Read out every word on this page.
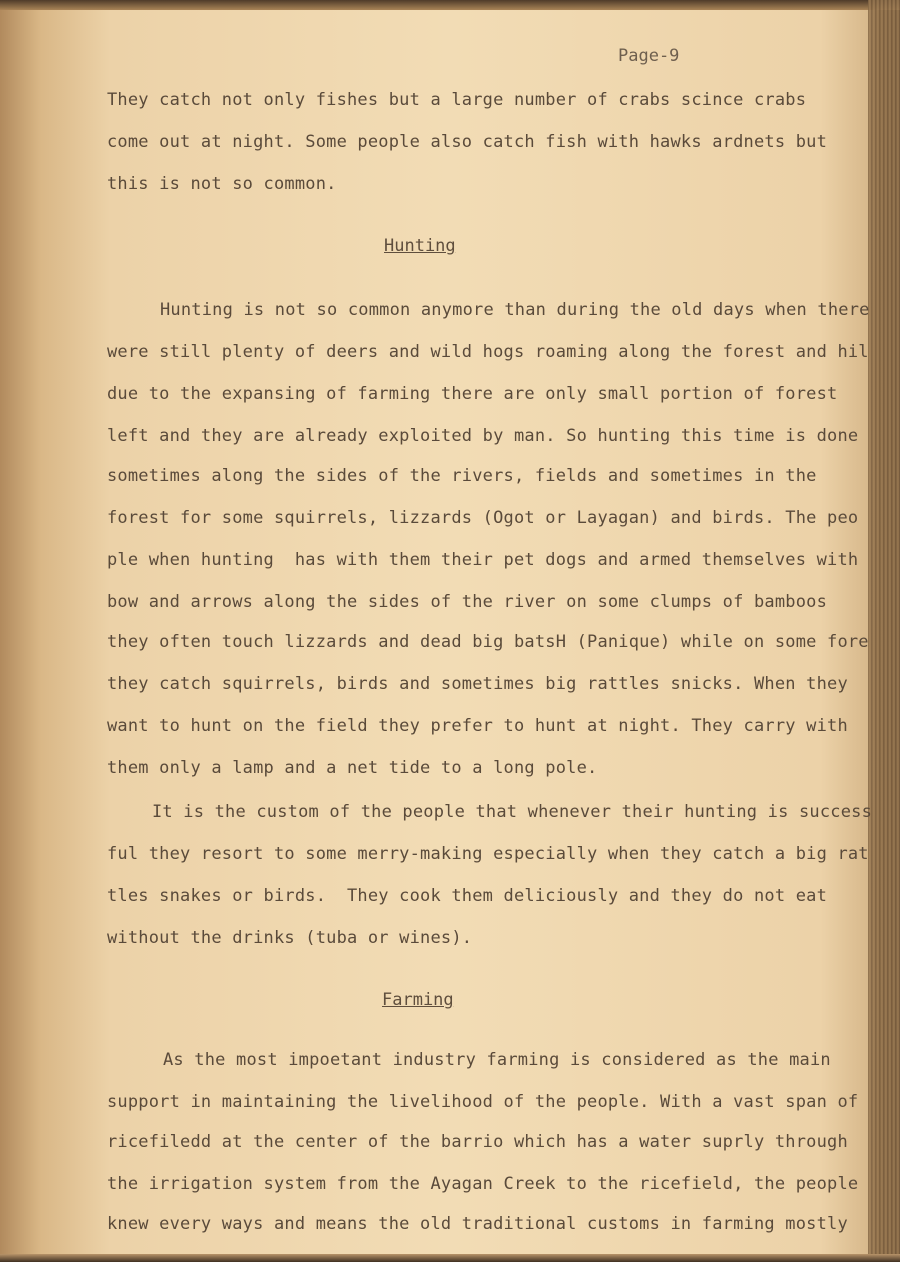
Page-9
They catch not only fishes but a large number of crabs scince crabs
come out at night. Some people also catch fish with hawks ardnets but
this is not so common.
Hunting
Hunting is not so common anymore than during the old days when there
were still plenty of deers and wild hogs roaming along the forest and hil
due to the expansing of farming there are only small portion of forest
left and they are already exploited by man. So hunting this time is done
sometimes along the sides of the rivers, fields and sometimes in the
forest for some squirrels, lizzards (Ogot or Layagan) and birds. The peo
ple when hunting  has with them their pet dogs and armed themselves with
bow and arrows along the sides of the river on some clumps of bamboos
they often touch lizzards and dead big batsH (Panique) while on some fore
they catch squirrels, birds and sometimes big rattles snicks. When they
want to hunt on the field they prefer to hunt at night. They carry with
them only a lamp and a net tide to a long pole.
It is the custom of the people that whenever their hunting is success
ful they resort to some merry-making especially when they catch a big rat
tles snakes or birds.  They cook them deliciously and they do not eat
without the drinks (tuba or wines).
Farming
As the most impoetant industry farming is considered as the main
support in maintaining the livelihood of the people. With a vast span of
ricefiledd at the center of the barrio which has a water suprly through
the irrigation system from the Ayagan Creek to the ricefield, the people
knew every ways and means the old traditional customs in farming mostly
